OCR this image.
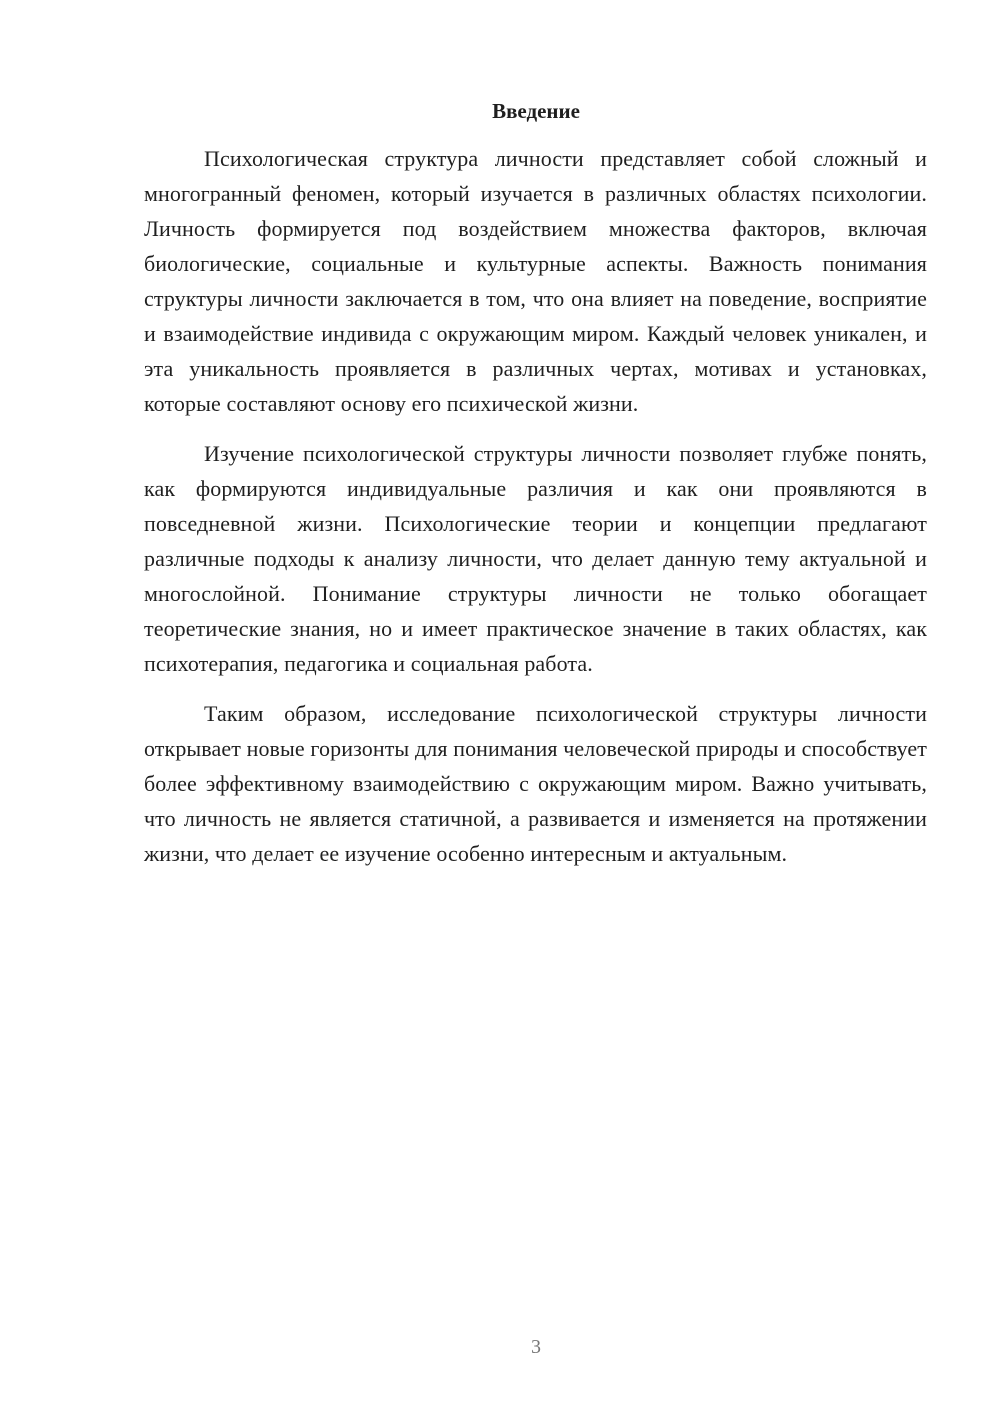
Введение

Психологическая структура личности представляет собой сложный и многогранный феномен, который изучается в различных областях психологии. Личность формируется под воздействием множества факторов, включая биологические, социальные и культурные аспекты. Важность понимания структуры личности заключается в том, что она влияет на поведение, восприятие и взаимодействие индивида с окружающим миром. Каждый человек уникален, и эта уникальность проявляется в различных чертах, мотивах и установках, которые составляют основу его психической жизни.

Изучение психологической структуры личности позволяет глубже понять, как формируются индивидуальные различия и как они проявляются в повседневной жизни. Психологические теории и концепции предлагают различные подходы к анализу личности, что делает данную тему актуальной и многослойной. Понимание структуры личности не только обогащает теоретические знания, но и имеет практическое значение в таких областях, как психотерапия, педагогика и социальная работа.

Таким образом, исследование психологической структуры личности открывает новые горизонты для понимания человеческой природы и способствует более эффективному взаимодействию с окружающим миром. Важно учитывать, что личность не является статичной, а развивается и изменяется на протяжении жизни, что делает ее изучение особенно интересным и актуальным.

3
